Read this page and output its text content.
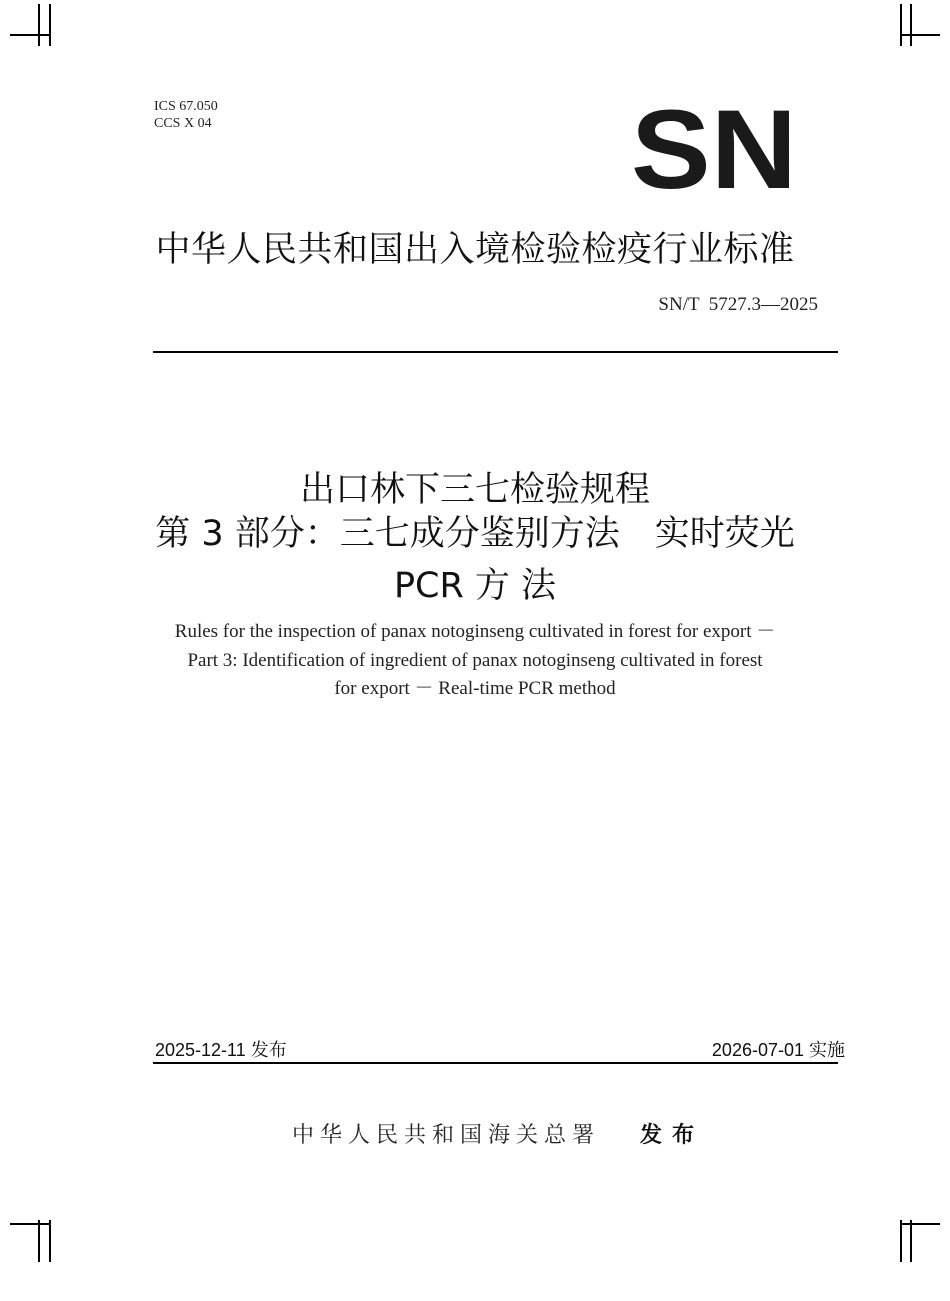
ICS 67.050
CCS X 04	SN
中华人民共和国出入境检验检疫行业标准
SN/T  5727.3—2025
出口林下三七检验规程
第 3 部分：三七成分鉴别方法　实时荧光
PCR 方 法
Rules for the inspection of panax notoginseng cultivated in forest for export －
Part 3: Identification of ingredient of panax notoginseng cultivated in forest
for export － Real-time PCR method
2025-12-11 发布	2026-07-01 实施
中华人民共和国海关总署 发布
